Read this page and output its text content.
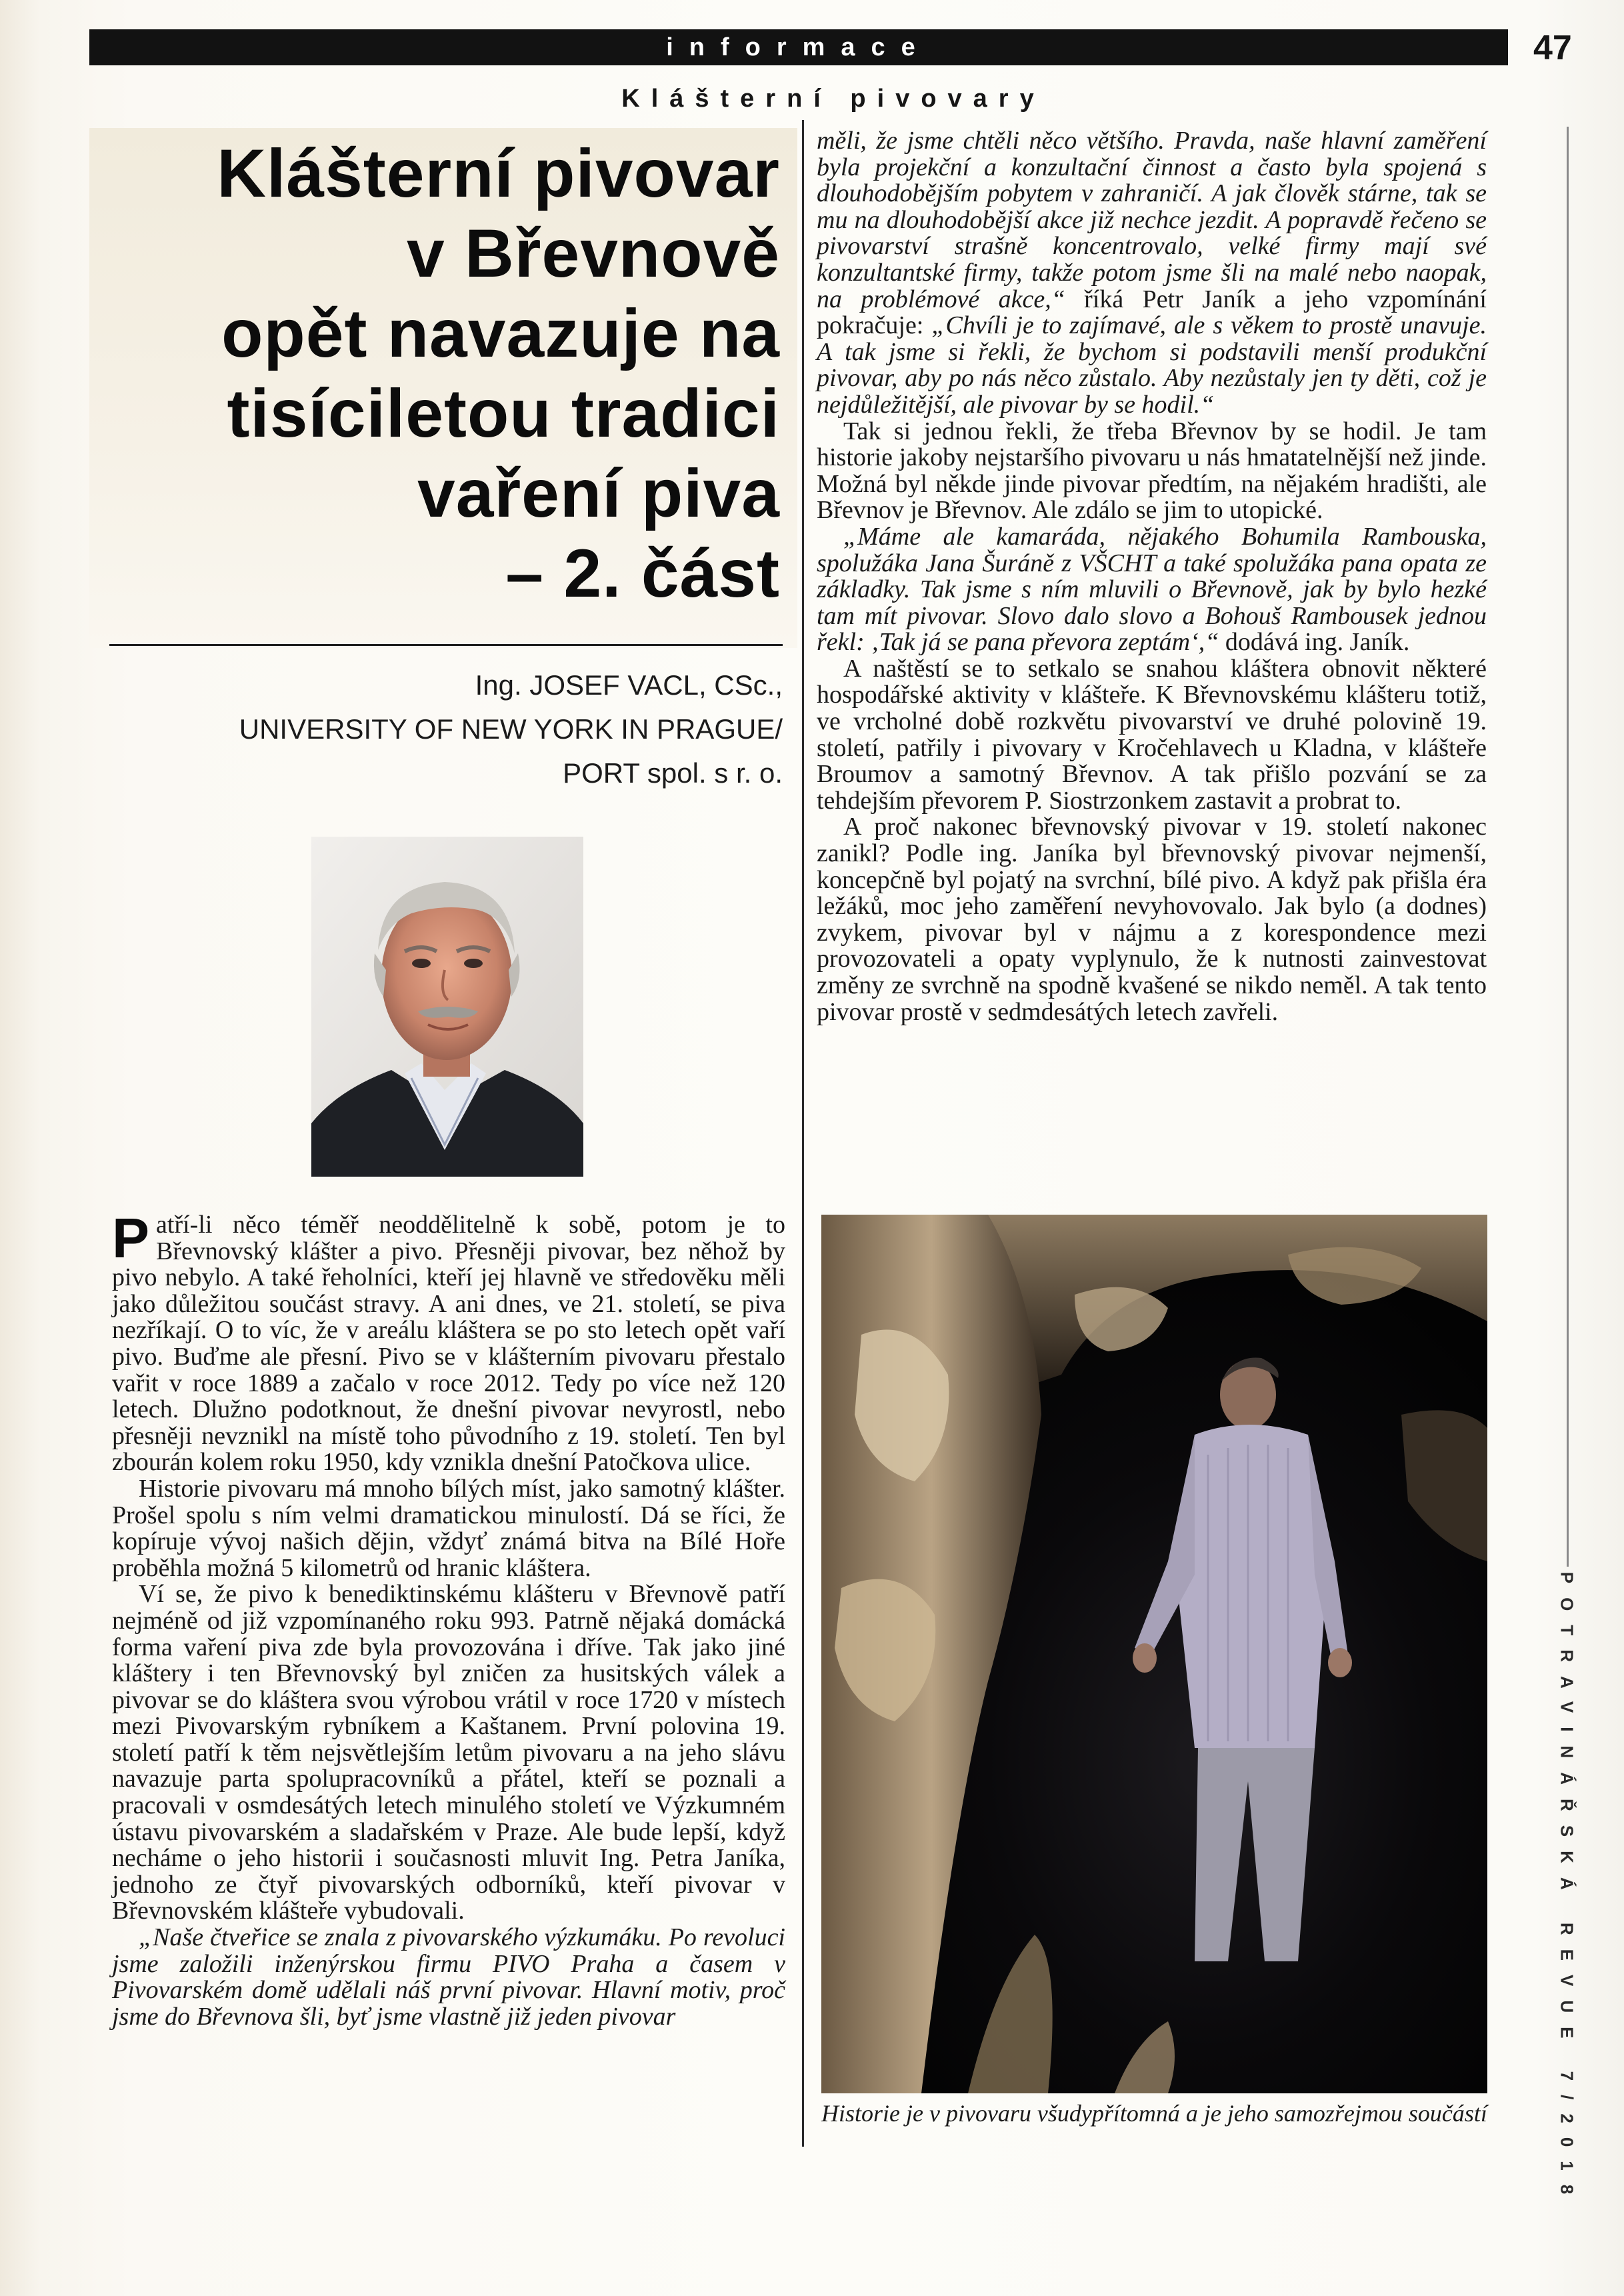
informace	47
Klášterní pivovary
Klášterní pivovar
v Břevnově
opět navazuje na
tisíciletou tradici
vaření piva
– 2. část
Ing. JOSEF VACL, CSc.,
UNIVERSITY OF NEW YORK IN PRAGUE/
PORT spol. s r. o.
POTRAVINÁŘSKÁ REVUE 7/2018

Patří-li něco téměř neoddělitelně k sobě, potom je to Břevnovský klášter a pivo. Přesněji pivovar, bez něhož by pivo nebylo. A také řeholníci, kteří jej hlavně ve středověku měli jako důležitou součást stravy. A ani dnes, ve 21. století, se piva nezříkají. O to víc, že v areálu kláštera se po sto letech opět vaří pivo. Buďme ale přesní. Pivo se v klášterním pivovaru přestalo vařit v roce 1889 a začalo v roce 2012. Tedy po více než 120 letech. Dlužno podotknout, že dnešní pivovar nevyrostl, nebo přesněji nevznikl na místě toho původního z 19. století. Ten byl zbourán kolem roku 1950, kdy vznikla dnešní Patočkova ulice.

Historie pivovaru má mnoho bílých míst, jako samotný klášter. Prošel spolu s ním velmi dramatickou minulostí. Dá se říci, že kopíruje vývoj našich dějin, vždyť známá bitva na Bílé Hoře proběhla možná 5 kilometrů od hranic kláštera.

Ví se, že pivo k benediktinskému klášteru v Břevnově patří nejméně od již vzpomínaného roku 993. Patrně nějaká domácká forma vaření piva zde byla provozována i dříve. Tak jako jiné kláštery i ten Břevnovský byl zničen za husitských válek a pivovar se do kláštera svou výrobou vrátil v roce 1720 v místech mezi Pivovarským rybníkem a Kaštanem. První polovina 19. století patří k těm nejsvětlejším letům pivovaru a na jeho slávu navazuje parta spolupracovníků a přátel, kteří se poznali a pracovali v osmdesátých letech minulého století ve Výzkumném ústavu pivovarském a sladařském v Praze. Ale bude lepší, když necháme o jeho historii i současnosti mluvit Ing. Petra Janíka, jednoho ze čtyř pivovarských odborníků, kteří pivovar v Břevnovském klášteře vybudovali.

„Naše čtveřice se znala z pivovarského výzkumáku. Po revoluci jsme založili inženýrskou firmu PIVO Praha a časem v Pivovarském domě udělali náš první pivovar. Hlavní motiv, proč jsme do Břevnova šli, byť jsme vlastně již jeden pivovar

měli, že jsme chtěli něco většího. Pravda, naše hlavní zaměření byla projekční a konzultační činnost a často byla spojená s dlouhodobějším pobytem v zahraničí. A jak člověk stárne, tak se mu na dlouhodobější akce již nechce jezdit. A popravdě řečeno se pivovarství strašně koncentrovalo, velké firmy mají své konzultantské firmy, takže potom jsme šli na malé nebo naopak, na problémové akce,“ říká Petr Janík a jeho vzpomínání pokračuje: „Chvíli je to zajímavé, ale s věkem to prostě unavuje. A tak jsme si řekli, že bychom si podstavili menší produkční pivovar, aby po nás něco zůstalo. Aby nezůstaly jen ty děti, což je nejdůležitější, ale pivovar by se hodil.“

Tak si jednou řekli, že třeba Břevnov by se hodil. Je tam historie jakoby nejstaršího pivovaru u nás hmatatelnější než jinde. Možná byl někde jinde pivovar předtím, na nějakém hradišti, ale Břevnov je Břevnov. Ale zdálo se jim to utopické.

„Máme ale kamaráda, nějakého Bohumila Rambouska, spolužáka Jana Šuráně z VŠCHT a také spolužáka pana opata ze základky. Tak jsme s ním mluvili o Břevnově, jak by bylo hezké tam mít pivovar. Slovo dalo slovo a Bohouš Rambousek jednou řekl: ‚Tak já se pana převora zeptám‘,“ dodává ing. Janík.

A naštěstí se to setkalo se snahou kláštera obnovit některé hospodářské aktivity v klášteře. K Břevnovskému klášteru totiž, ve vrcholné době rozkvětu pivovarství ve druhé polovině 19. století, patřily i pivovary v Kročehlavech u Kladna, v klášteře Broumov a samotný Břevnov. A tak přišlo pozvání se za tehdejším převorem P. Siostrzonkem zastavit a probrat to.

A proč nakonec břevnovský pivovar v 19. století nakonec zanikl? Podle ing. Janíka byl břevnovský pivovar nejmenší, koncepčně byl pojatý na svrchní, bílé pivo. A když pak přišla éra ležáků, moc jeho zaměření nevyhovovalo. Jak bylo (a dodnes) zvykem, pivovar byl v nájmu a z korespondence mezi provozovateli a opaty vyplynulo, že k nutnosti zainvestovat změny ze svrchně na spodně kvašené se nikdo neměl. A tak tento pivovar prostě v sedmdesátých letech zavřeli.

Historie je v pivovaru všudypřítomná a je jeho samozřejmou součástí
